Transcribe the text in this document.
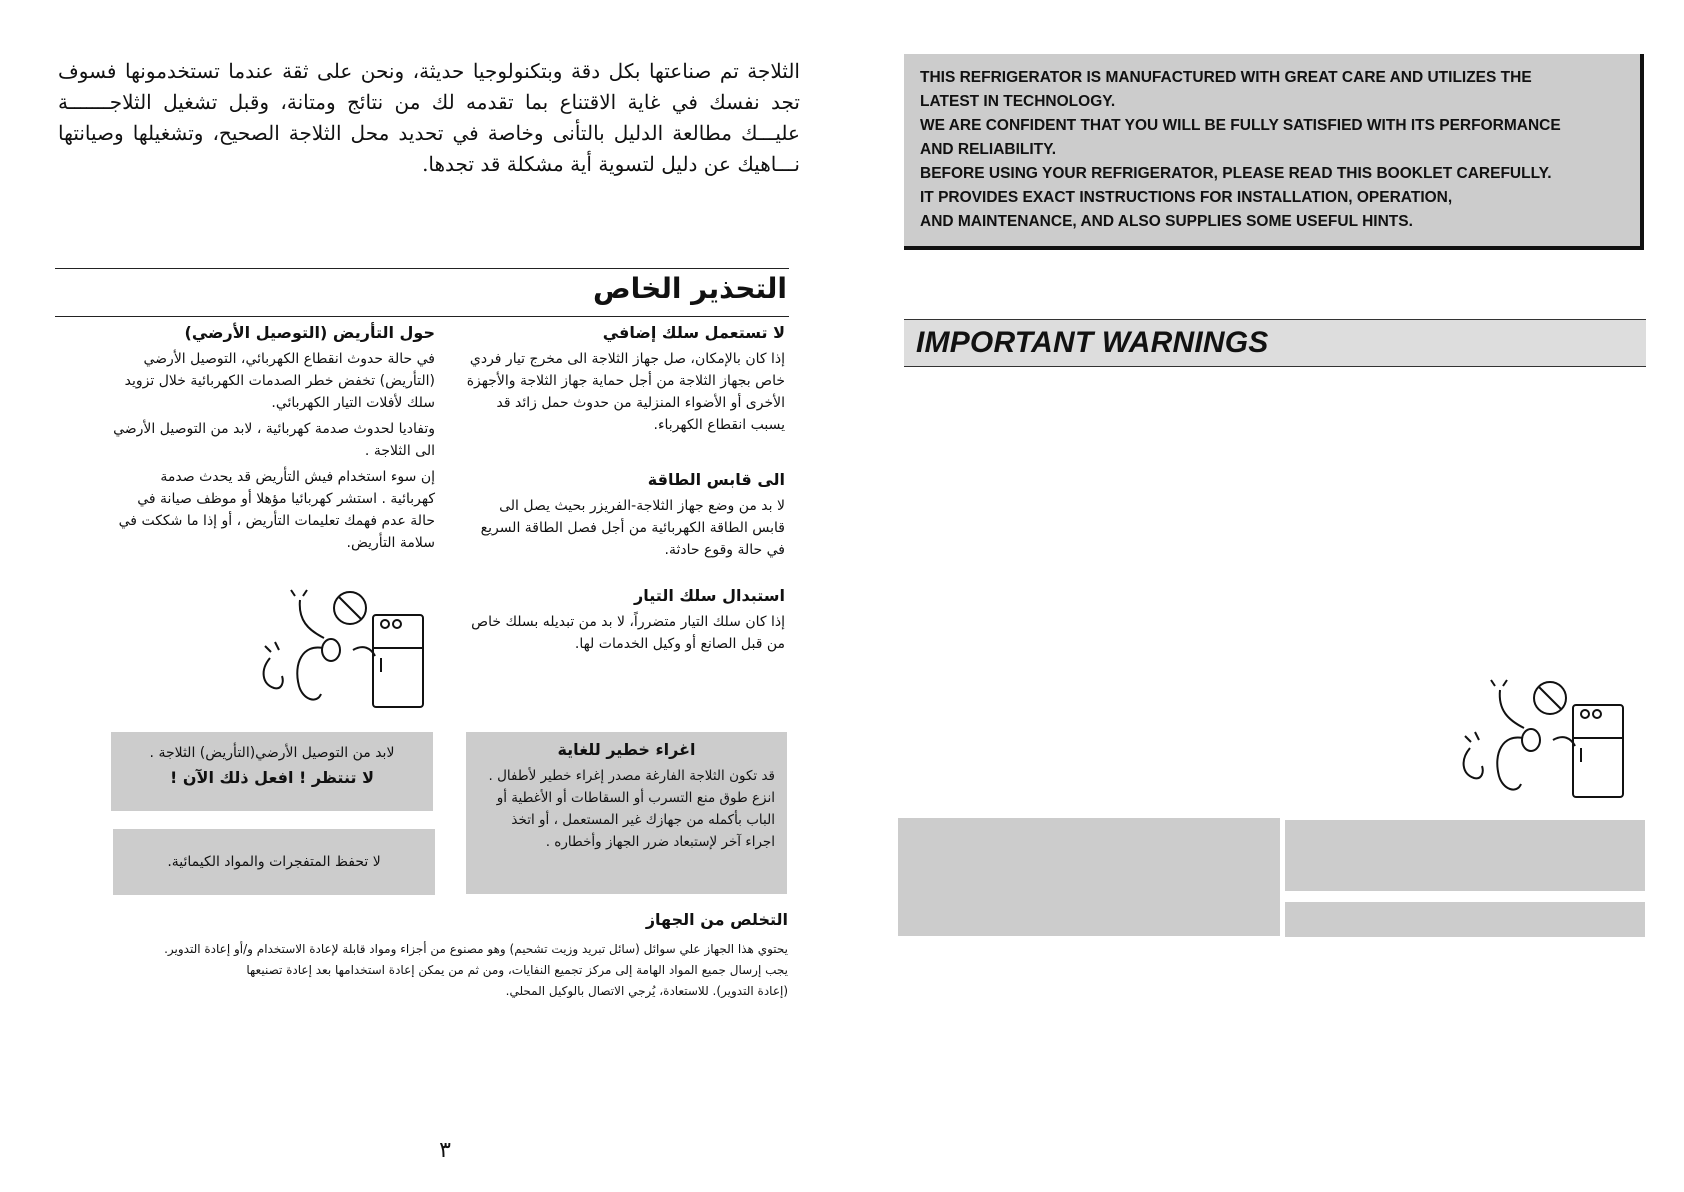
الثلاجة تم صناعتها بكل دقة وبتكنولوجيا حديثة، ونحن على ثقة عندما تستخدمونها فسوف تجد نفسك في غاية الاقتناع بما تقدمه لك من نتائج ومتانة، وقبل تشغيل الثلاجـــــــة عليـــك مطالعة الدليل بالتأنى وخاصة في تحديد محل الثلاجة الصحيح، وتشغيلها وصيانتها نـــاهيك عن دليل لتسوية أية مشكلة قد تجدها.
التحذير الخاص
لا تستعمل سلك إضافي
إذا كان بالإمكان، صل جهاز الثلاجة الى مخرج تيار فردي خاص بجهاز الثلاجة من أجل حماية جهاز الثلاجة والأجهزة الأخرى أو الأضواء المنزلية من حدوث حمل زائد قد يسبب انقطاع الكهرباء.
الى قابس الطاقة
لا بد من وضع جهاز الثلاجة-الفريزر بحيث يصل الى قابس الطاقة الكهربائية من أجل فصل الطاقة السريع في حالة وقوع حادثة.
استبدال سلك التيار
إذا كان سلك التيار متضرراً، لا بد من تبديله بسلك خاص من قبل الصانع أو وكيل الخدمات لها.
حول التأريض (التوصيل الأرضي)
في حالة حدوث انقطاع الكهربائي، التوصيل الأرضي (التأريض) تخفض خطر الصدمات الكهربائية خلال تزويد سلك لأفلات التيار الكهربائي.
وتفاديا لحدوث صدمة كهربائية ، لابد من التوصيل الأرضي الى الثلاجة .
إن سوء استخدام فيش التأريض قد يحدث صدمة كهربائية . استشر كهربائيا مؤهلا أو موظف صيانة في حالة عدم فهمك تعليمات التأريض ، أو إذا ما شككت في سلامة التأريض.
اغراء خطير للغاية
قد تكون الثلاجة الفارغة مصدر إغراء خطير لأطفال . انزع طوق منع التسرب أو السقاطات أو الأغطية أو الباب بأكمله من جهازك غير المستعمل ، أو اتخذ اجراء آخر لإستبعاد ضرر الجهاز وأخطاره .
لابد من التوصيل الأرضي(التأريض) الثلاجة .
لا تنتظر ! افعل ذلك الآن !
لا تحفظ المتفجرات والمواد الكيمائية.
التخلص من الجهاز
يحتوي هذا الجهاز علي سوائل (سائل تبريد وزيت تشحيم) وهو مصنوع من أجزاء ومواد قابلة لإعادة الاستخدام و/أو إعادة التدوير.
يجب إرسال جميع المواد الهامة إلى مركز تجميع النفايات، ومن ثم من يمكن إعادة استخدامها بعد إعادة تصنيعها
(إعادة التدوير). للاستعادة، يُرجي الاتصال بالوكيل المحلي.
٣

THIS REFRIGERATOR IS MANUFACTURED WITH GREAT CARE AND UTILIZES THE

LATEST IN TECHNOLOGY.

WE ARE CONFIDENT THAT YOU WILL BE FULLY SATISFIED WITH ITS PERFORMANCE

AND RELIABILITY.

BEFORE USING YOUR REFRIGERATOR, PLEASE READ THIS BOOKLET CAREFULLY.

IT PROVIDES EXACT INSTRUCTIONS FOR INSTALLATION, OPERATION,

AND MAINTENANCE, AND ALSO SUPPLIES SOME USEFUL HINTS.

IMPORTANT WARNINGS
